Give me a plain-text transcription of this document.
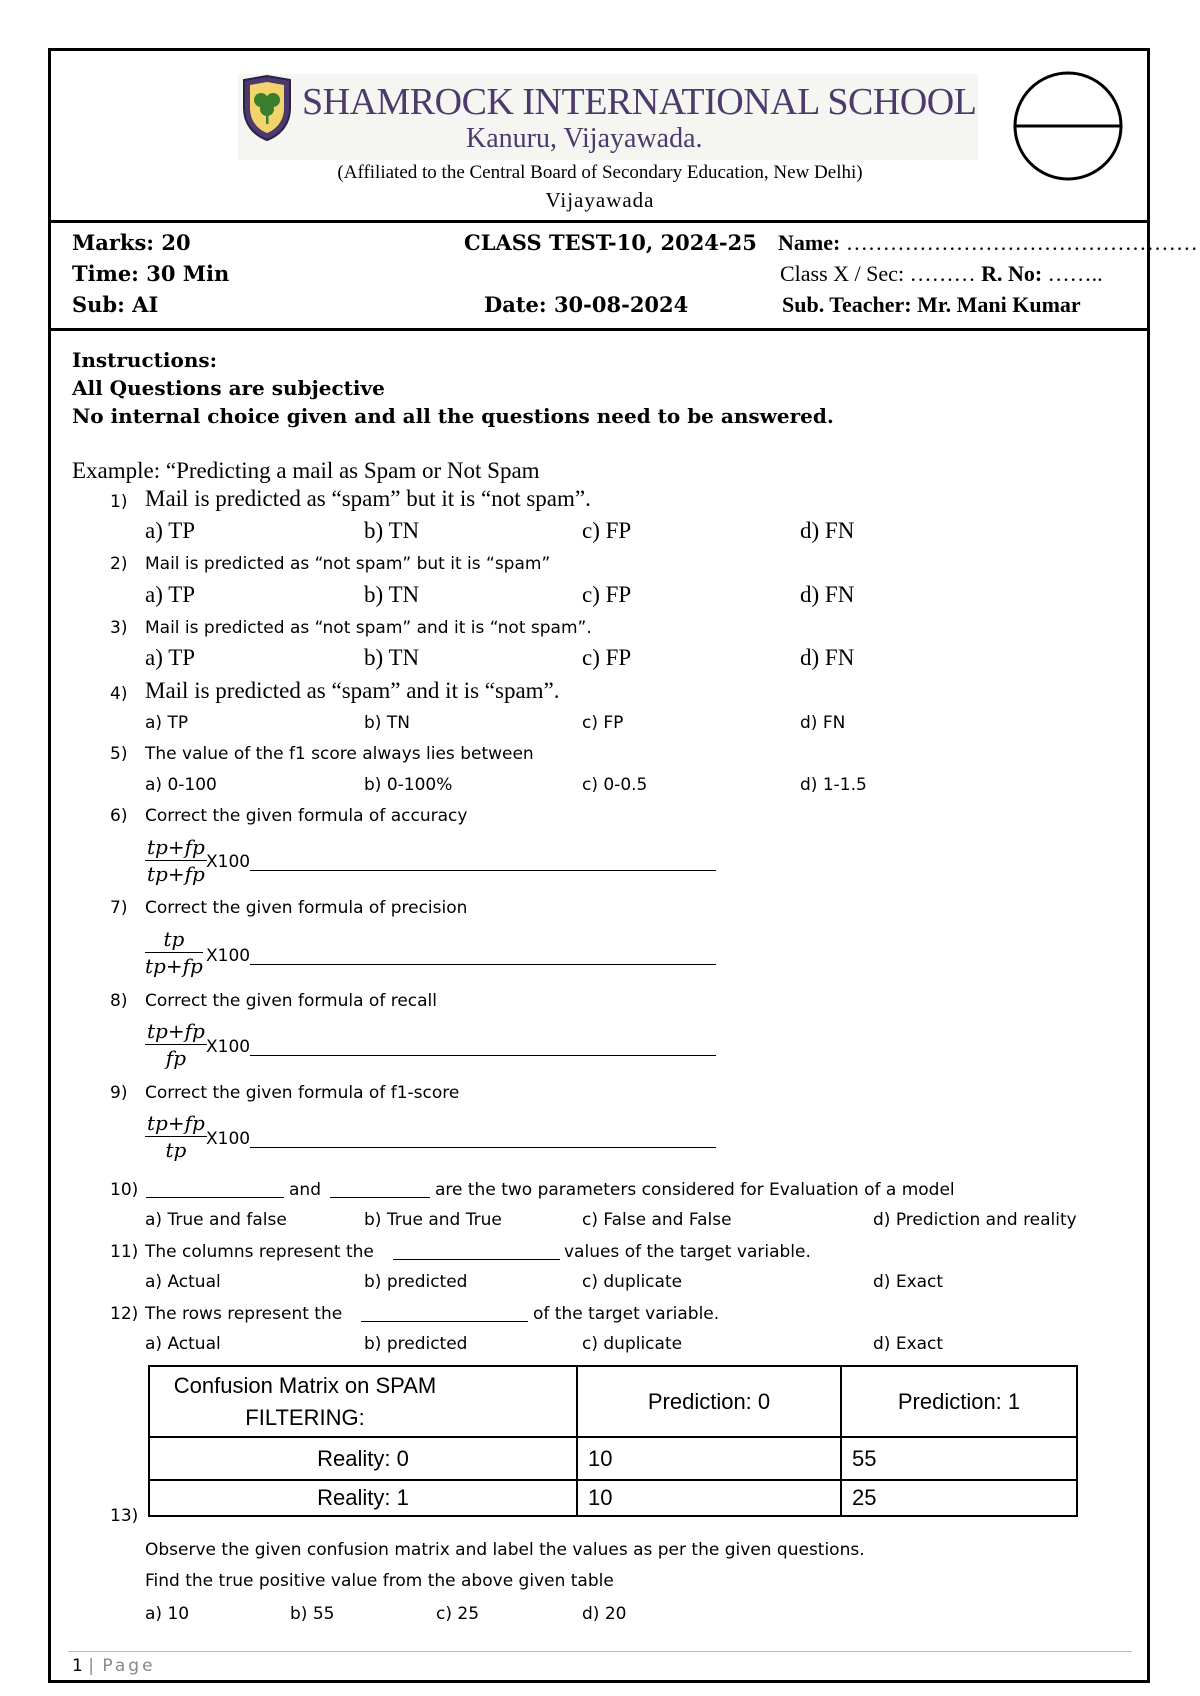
SHAMROCK INTERNATIONAL SCHOOL
Kanuru, Vijayawada.
(Affiliated to the Central Board of Secondary Education, New Delhi)
Vijayawada
Marks: 20
Time: 30 Min
Sub: AI
CLASS TEST-10, 2024-25
Date: 30-08-2024
Name: …………………………………………
Class X / Sec: ……… R. No: ……..
Sub. Teacher: Mr. Mani Kumar
Instructions:
All Questions are subjective
No internal choice given and all the questions need to be answered.
Example: “Predicting a mail as Spam or Not Spam
1) Mail is predicted as “spam” but it is “not spam”.
a) TP	b) TN	c) FP	d) FN
2) Mail is predicted as “not spam” but it is “spam”
a) TP	b) TN	c) FP	d) FN
3) Mail is predicted as “not spam” and it is “not spam”.
a) TP	b) TN	c) FP	d) FN
4) Mail is predicted as “spam” and it is “spam”.
a) TP	b) TN	c) FP	d) FN
5) The value of the f1 score always lies between
a) 0-100	b) 0-100%	c) 0-0.5	d) 1-1.5
6) Correct the given formula of accuracy
$\frac{tp+fp}{tp+fp} X100$
7) Correct the given formula of precision
$\frac{tp}{tp+fp} X100$
8) Correct the given formula of recall
$\frac{tp+fp}{fp} X100$
9) Correct the given formula of f1-score
$\frac{tp+fp}{tp} X100$
10)	and	are the two parameters considered for Evaluation of a model
a) True and false	b) True and True	c) False and False	d) Prediction and reality
11) The columns represent the	values of the target variable.
a) Actual	b) predicted	c) duplicate	d) Exact
12) The rows represent the	of the target variable.
a) Actual	b) predicted	c) duplicate	d) Exact
Confusion Matrix on SPAM FILTERING:	Prediction: 0	Prediction: 1
Reality: 0	10	55
Reality: 1	10	25
13)
Observe the given confusion matrix and label the values as per the given questions.
Find the true positive value from the above given table
a) 10	b) 55	c) 25	d) 20
1 | Page
